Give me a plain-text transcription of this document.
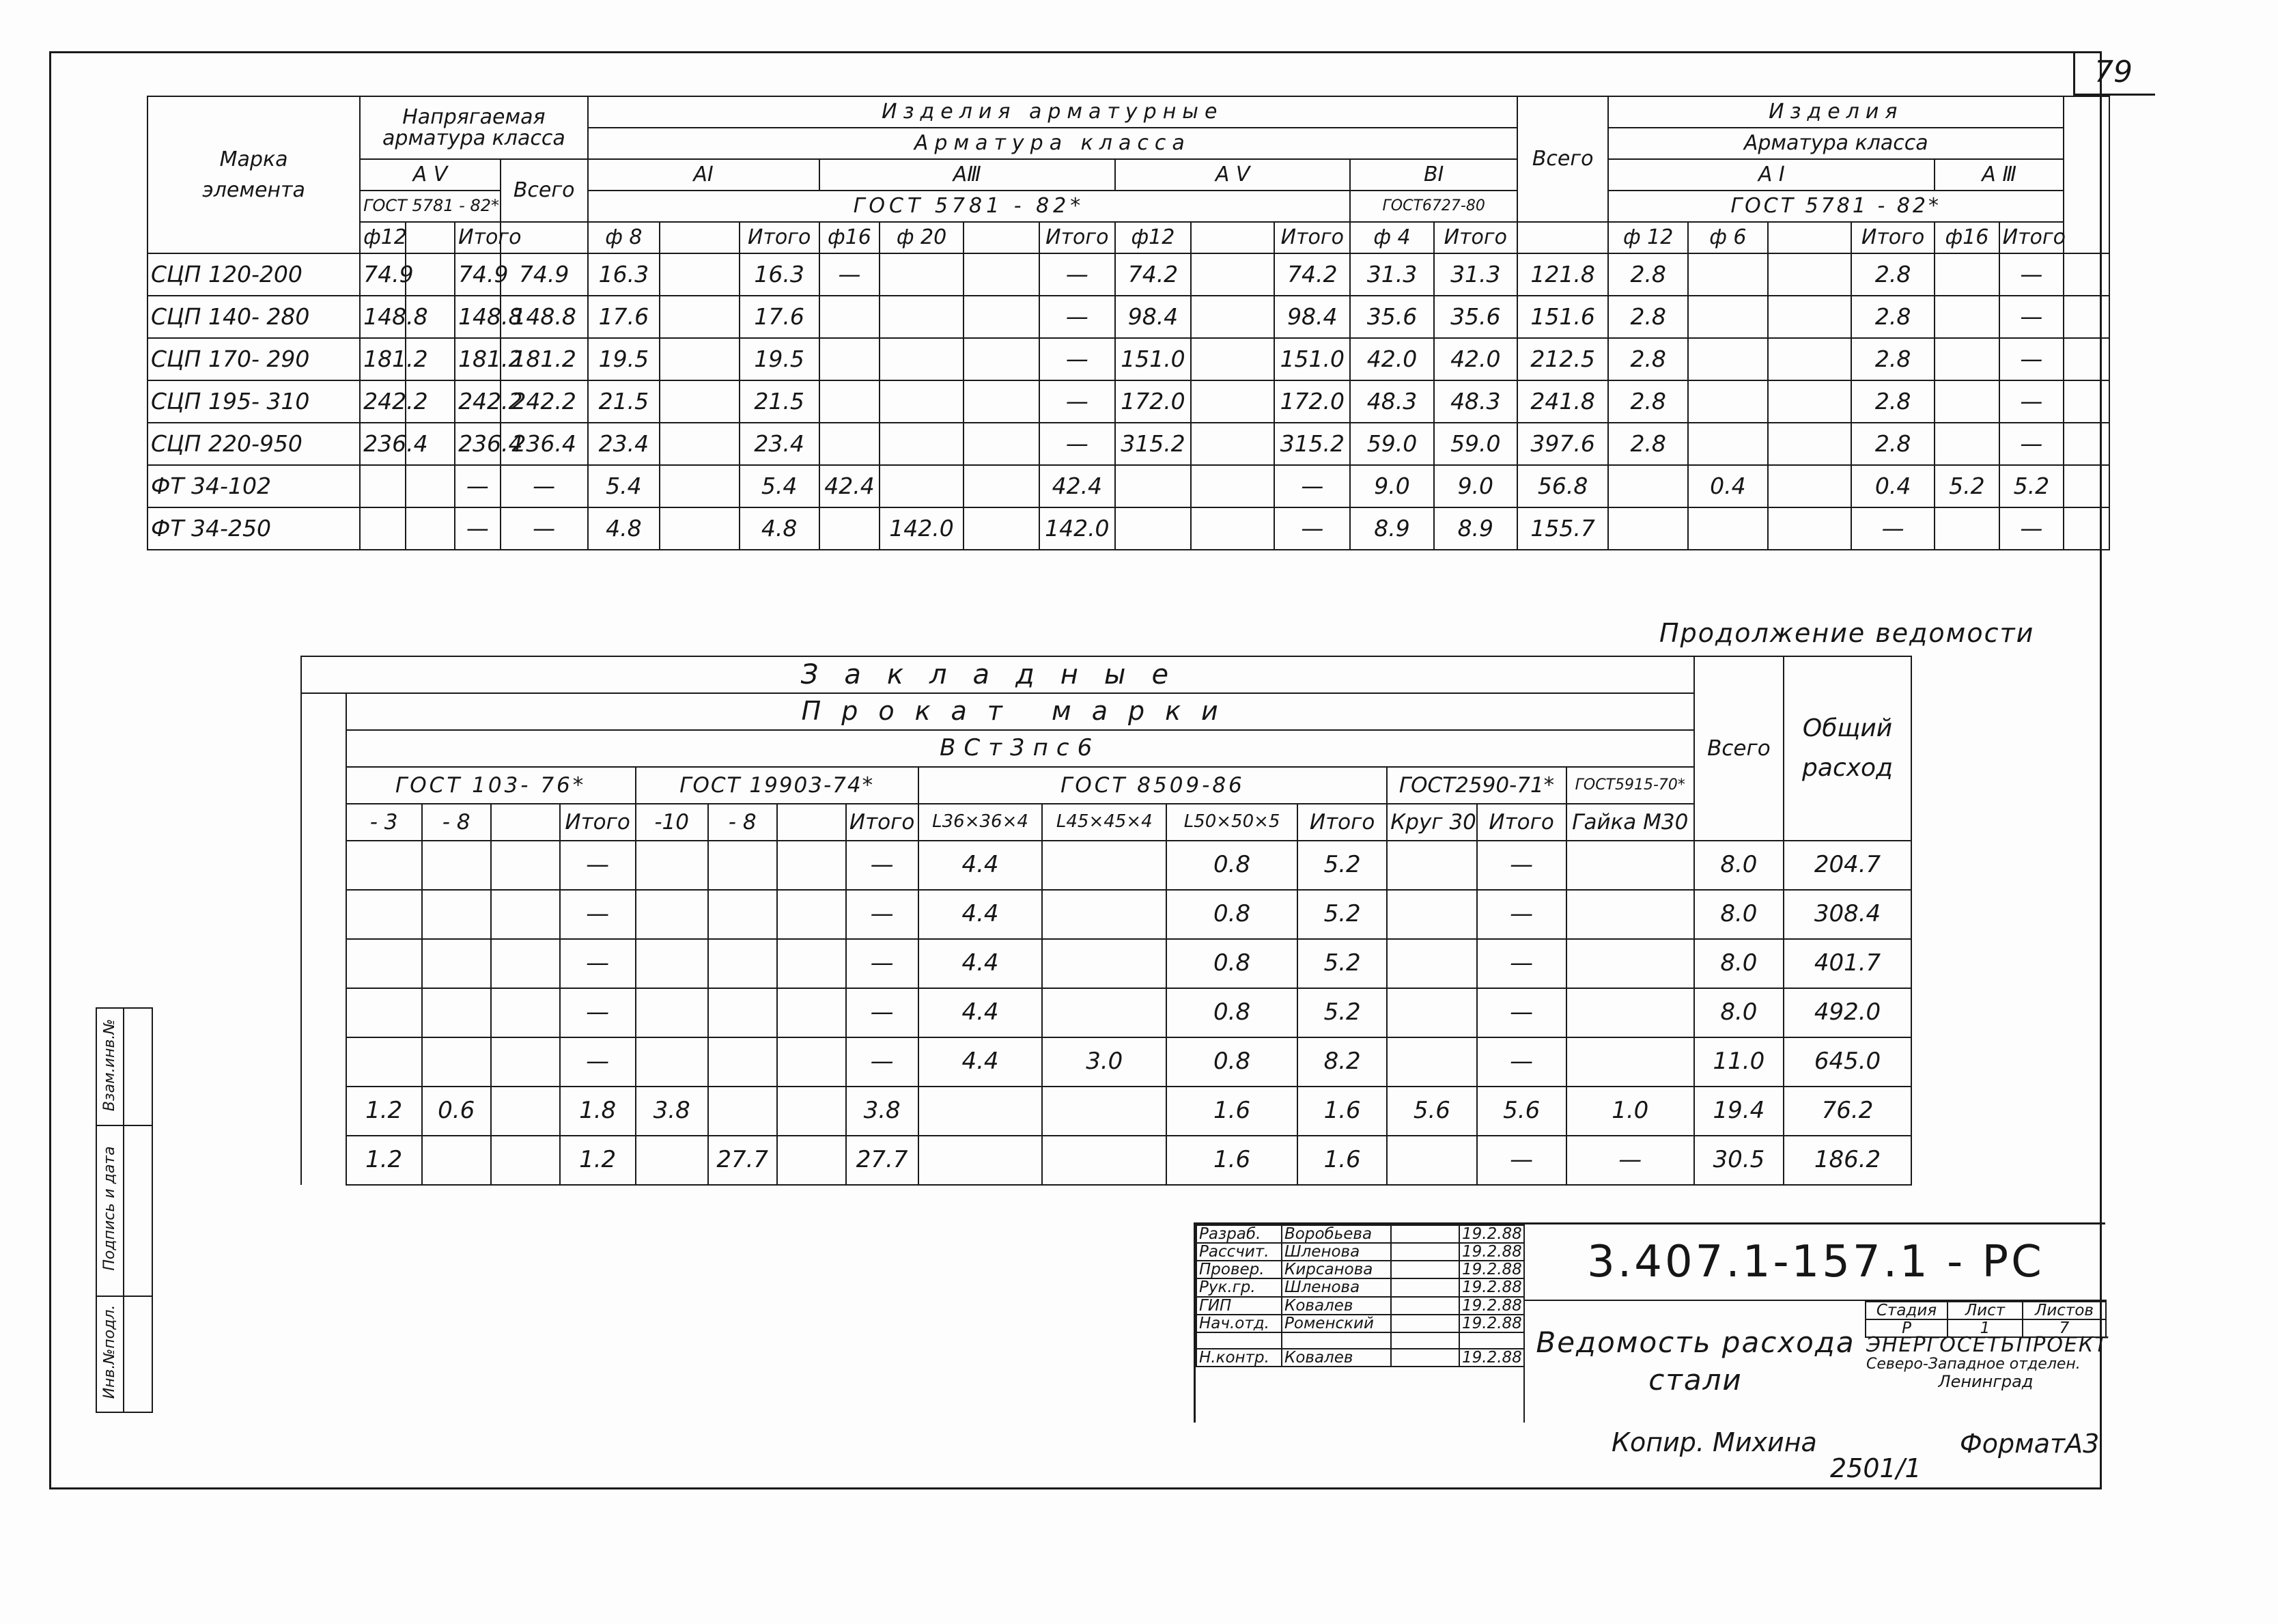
79
Марка
элемента	Напрягаемая арматура класса				Изделия арматурные												Всего	Изделия						
					Арматура класса													Арматура класса						
	А Ⅴ			Всего	АⅠ			АⅢ				А Ⅴ			ВⅠ			А Ⅰ				А Ⅲ		
	ГОСТ 5781 - 82*				ГОСТ 5781 - 82*										ГОСТ6727-80			ГОСТ 5781 - 82*						
	ф12		Итого		ф 8		Итого	ф16	ф 20		Итого	ф12		Итого	ф 4	Итого		ф 12	ф 6		Итого	ф16	Итого	
СЦП 120-200	74.9		74.9	74.9	16.3		16.3	—			—	74.2		74.2	31.3	31.3	121.8	2.8			2.8		—	
СЦП 140- 280	148.8		148.8	148.8	17.6		17.6				—	98.4		98.4	35.6	35.6	151.6	2.8			2.8		—	
СЦП 170- 290	181.2		181.2	181.2	19.5		19.5				—	151.0		151.0	42.0	42.0	212.5	2.8			2.8		—	
СЦП 195- 310	242.2		242.2	242.2	21.5		21.5				—	172.0		172.0	48.3	48.3	241.8	2.8			2.8		—	
СЦП 220-950	236.4		236.4	236.4	23.4		23.4				—	315.2		315.2	59.0	59.0	397.6	2.8			2.8		—	
ФТ 34-102			—	—	5.4		5.4	42.4			42.4			—	9.0	9.0	56.8		0.4		0.4	5.2	5.2	
ФТ 34-250			—	—	4.8		4.8		142.0		142.0			—	8.9	8.9	155.7				—		—	
Продолжение ведомости
Закладные																Всего	Общий расход
	Прокат марки																
	ВСт3пс6																
	ГОСТ 103- 76*				ГОСТ 19903-74*				ГОСТ 8509-86				ГОСТ2590-71*		ГОСТ5915-70*		
	- 3	- 8		Итого	-10	- 8		Итого	L36×36×4	L45×45×4	L50×50×5	Итого	Круг 30	Итого	Гайка М30		
				—				—	4.4		0.8	5.2		—		8.0	204.7
				—				—	4.4		0.8	5.2		—		8.0	308.4
				—				—	4.4		0.8	5.2		—		8.0	401.7
				—				—	4.4		0.8	5.2		—		8.0	492.0
				—				—	4.4	3.0	0.8	8.2		—		11.0	645.0
	1.2	0.6		1.8	3.8			3.8			1.6	1.6	5.6	5.6	1.0	19.4	76.2
	1.2			1.2		27.7		27.7			1.6	1.6		—	—	30.5	186.2
Инв.№подл.
Подпись и дата
Взам.инв.№
Разраб.	Воробьева		19.2.88
Рассчит.	Шленова		19.2.88
Провер.	Кирсанова		19.2.88
Рук.гр.	Шленова		19.2.88
ГИП	Ковалев		19.2.88
Нач.отд.	Роменский		19.2.88

Н.контр.	Ковалев		19.2.88
3.407.1-157.1 - РС
Ведомость расхода
стали
Стадия	Лист	Листов
Р	1	7
ЭНЕРГОСЕТЬПРОЕКТ
Северо-Западное отделен.
Ленинград
Копир. Михина	ФорматА3
2501/1
